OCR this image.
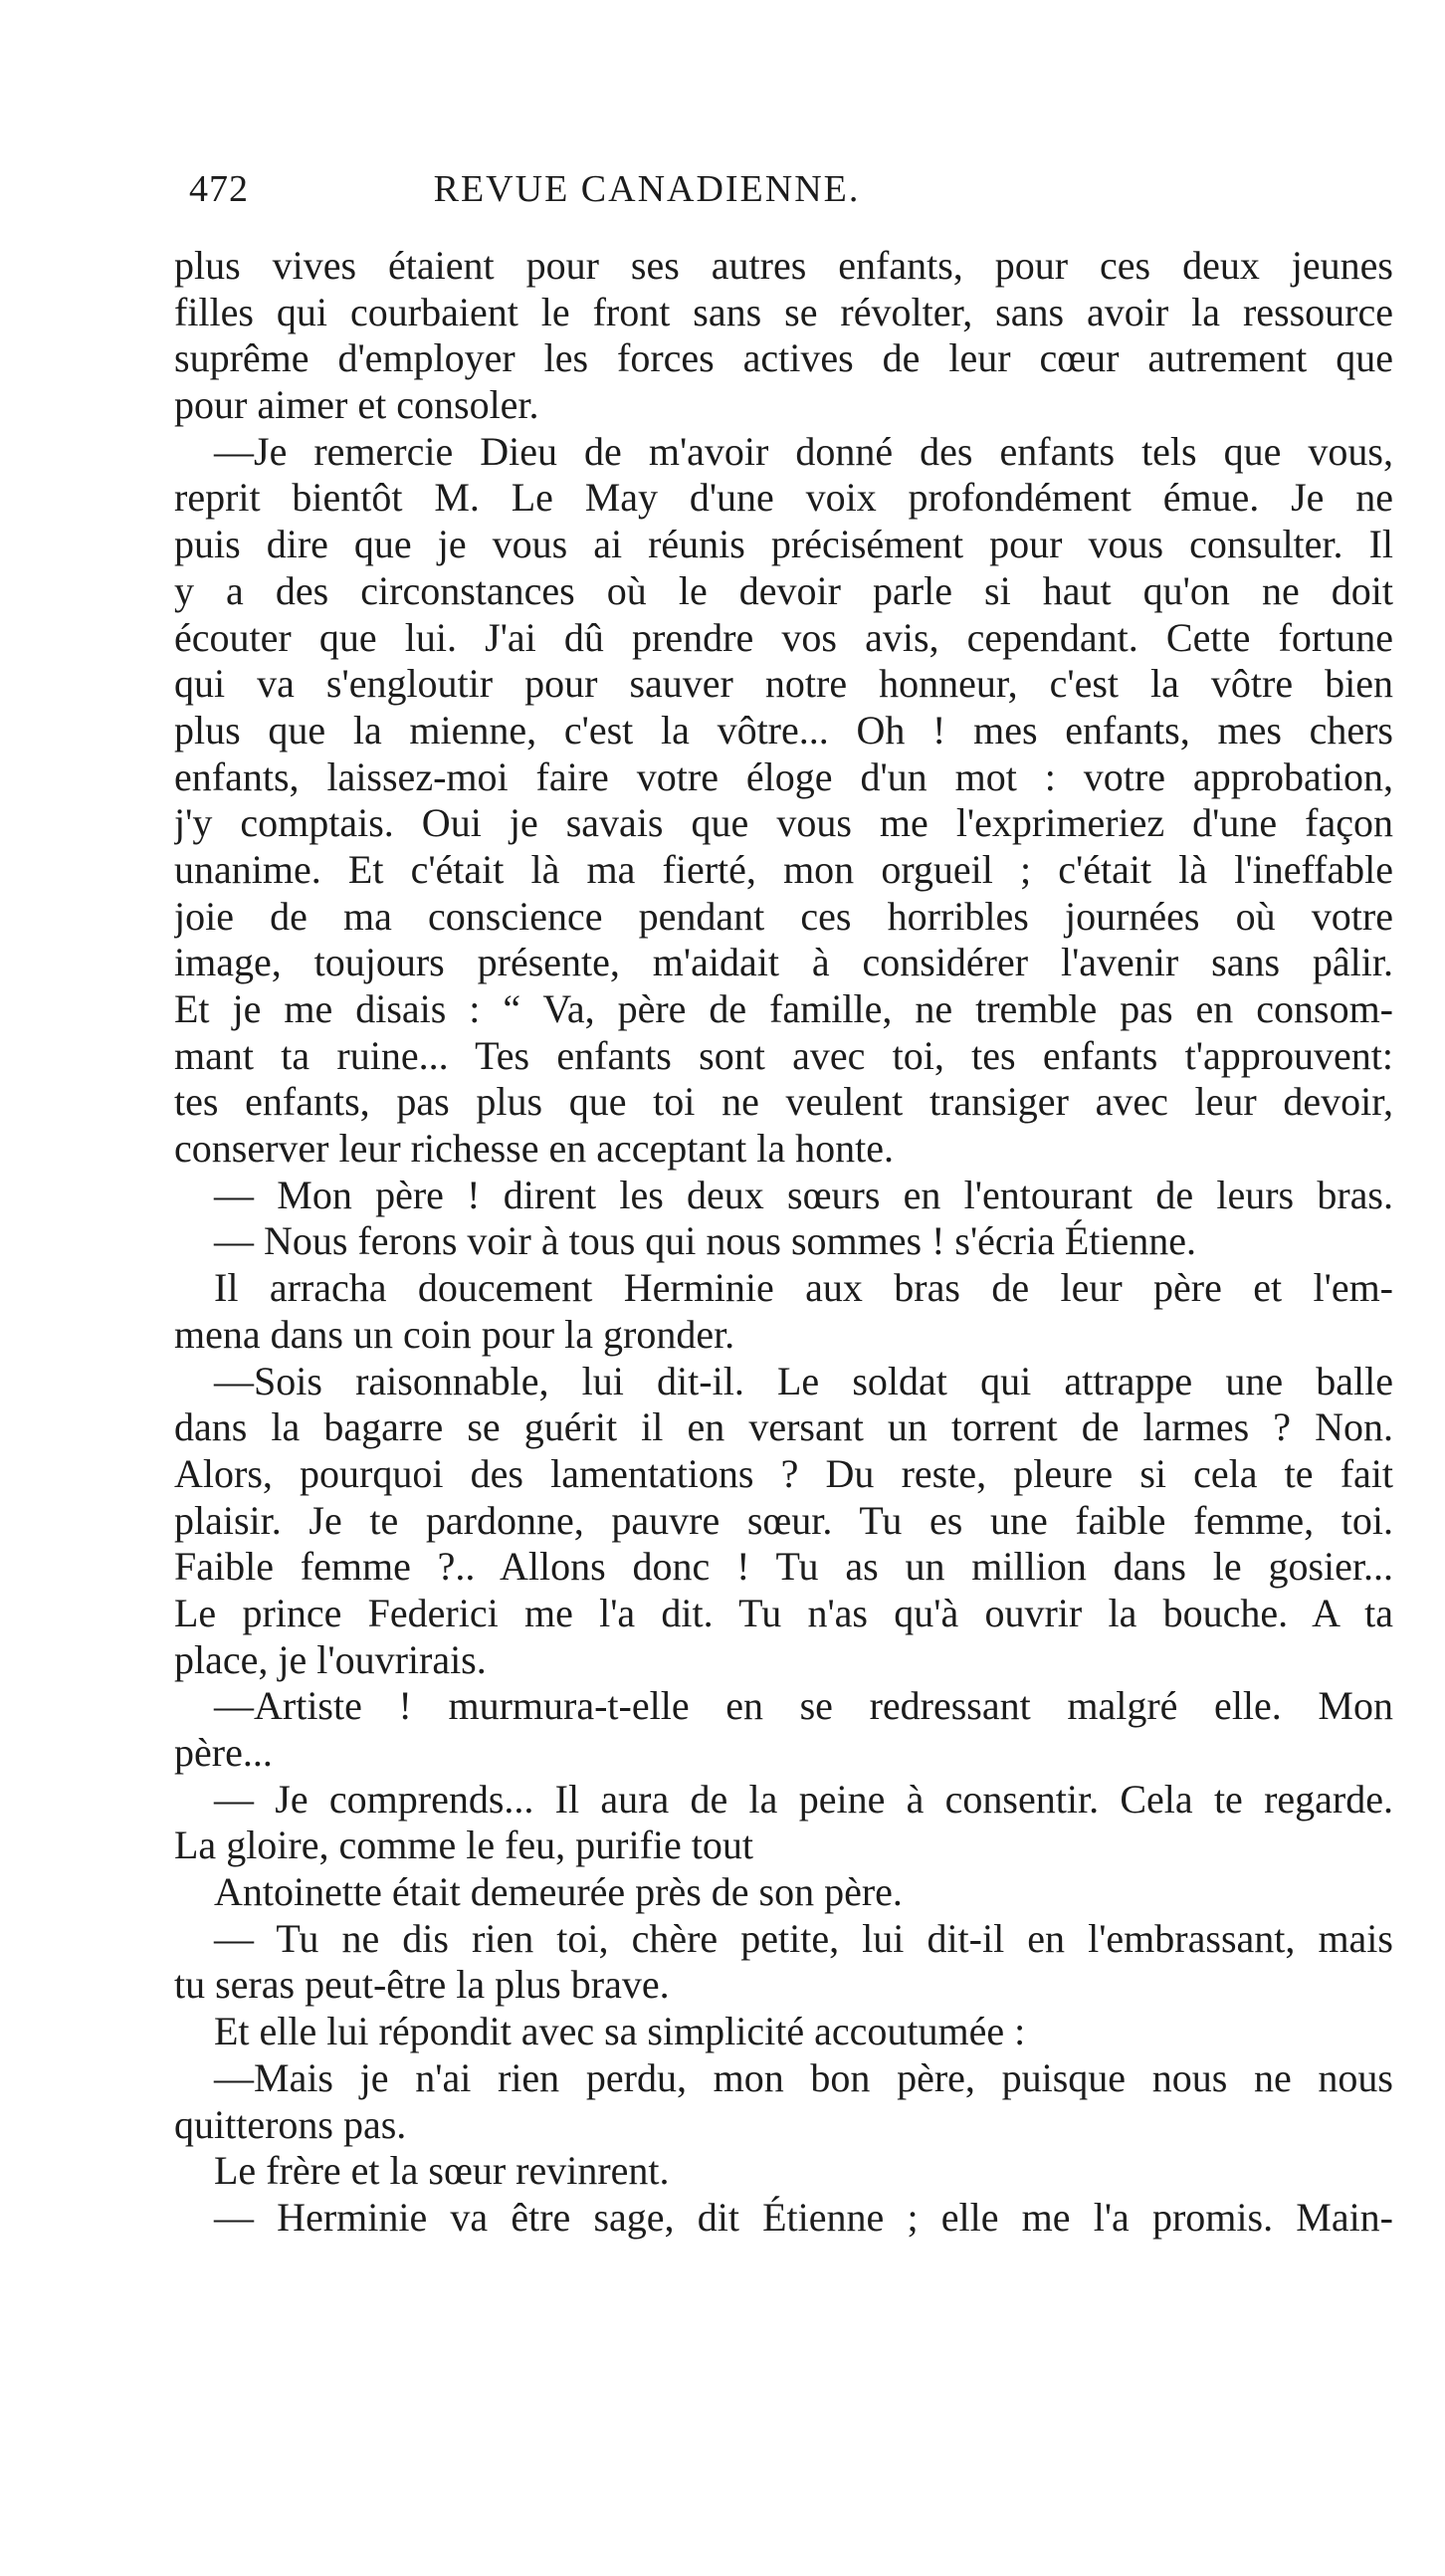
472	REVUE CANADIENNE.
plus vives étaient pour ses autres enfants, pour ces deux jeunes
filles qui courbaient le front sans se révolter, sans avoir la ressource
suprême d'employer les forces actives de leur cœur autrement que
pour aimer et consoler.
—Je remercie Dieu de m'avoir donné des enfants tels que vous,
reprit bientôt M. Le May d'une voix profondément émue. Je ne
puis dire que je vous ai réunis précisément pour vous consulter. Il
y a des circonstances où le devoir parle si haut qu'on ne doit
écouter que lui. J'ai dû prendre vos avis, cependant. Cette fortune
qui va s'engloutir pour sauver notre honneur, c'est la vôtre bien
plus que la mienne, c'est la vôtre... Oh ! mes enfants, mes chers
enfants, laissez-moi faire votre éloge d'un mot : votre approbation,
j'y comptais. Oui je savais que vous me l'exprimeriez d'une façon
unanime. Et c'était là ma fierté, mon orgueil ; c'était là l'ineffable
joie de ma conscience pendant ces horribles journées où votre
image, toujours présente, m'aidait à considérer l'avenir sans pâlir.
Et je me disais : “ Va, père de famille, ne tremble pas en consom-
mant ta ruine... Tes enfants sont avec toi, tes enfants t'approuvent:
tes enfants, pas plus que toi ne veulent transiger avec leur devoir,
conserver leur richesse en acceptant la honte.
— Mon père ! dirent les deux sœurs en l'entourant de leurs bras.
— Nous ferons voir à tous qui nous sommes ! s'écria Étienne.
Il arracha doucement Herminie aux bras de leur père et l'em-
mena dans un coin pour la gronder.
—Sois raisonnable, lui dit-il. Le soldat qui attrappe une balle
dans la bagarre se guérit il en versant un torrent de larmes ? Non.
Alors, pourquoi des lamentations ? Du reste, pleure si cela te fait
plaisir. Je te pardonne, pauvre sœur. Tu es une faible femme, toi.
Faible femme ?.. Allons donc ! Tu as un million dans le gosier...
Le prince Federici me l'a dit. Tu n'as qu'à ouvrir la bouche. A ta
place, je l'ouvrirais.
—Artiste ! murmura-t-elle en se redressant malgré elle. Mon
père...
— Je comprends... Il aura de la peine à consentir. Cela te regarde.
La gloire, comme le feu, purifie tout
Antoinette était demeurée près de son père.
— Tu ne dis rien toi, chère petite, lui dit-il en l'embrassant, mais
tu seras peut-être la plus brave.
Et elle lui répondit avec sa simplicité accoutumée :
—Mais je n'ai rien perdu, mon bon père, puisque nous ne nous
quitterons pas.
Le frère et la sœur revinrent.
— Herminie va être sage, dit Étienne ; elle me l'a promis. Main-
